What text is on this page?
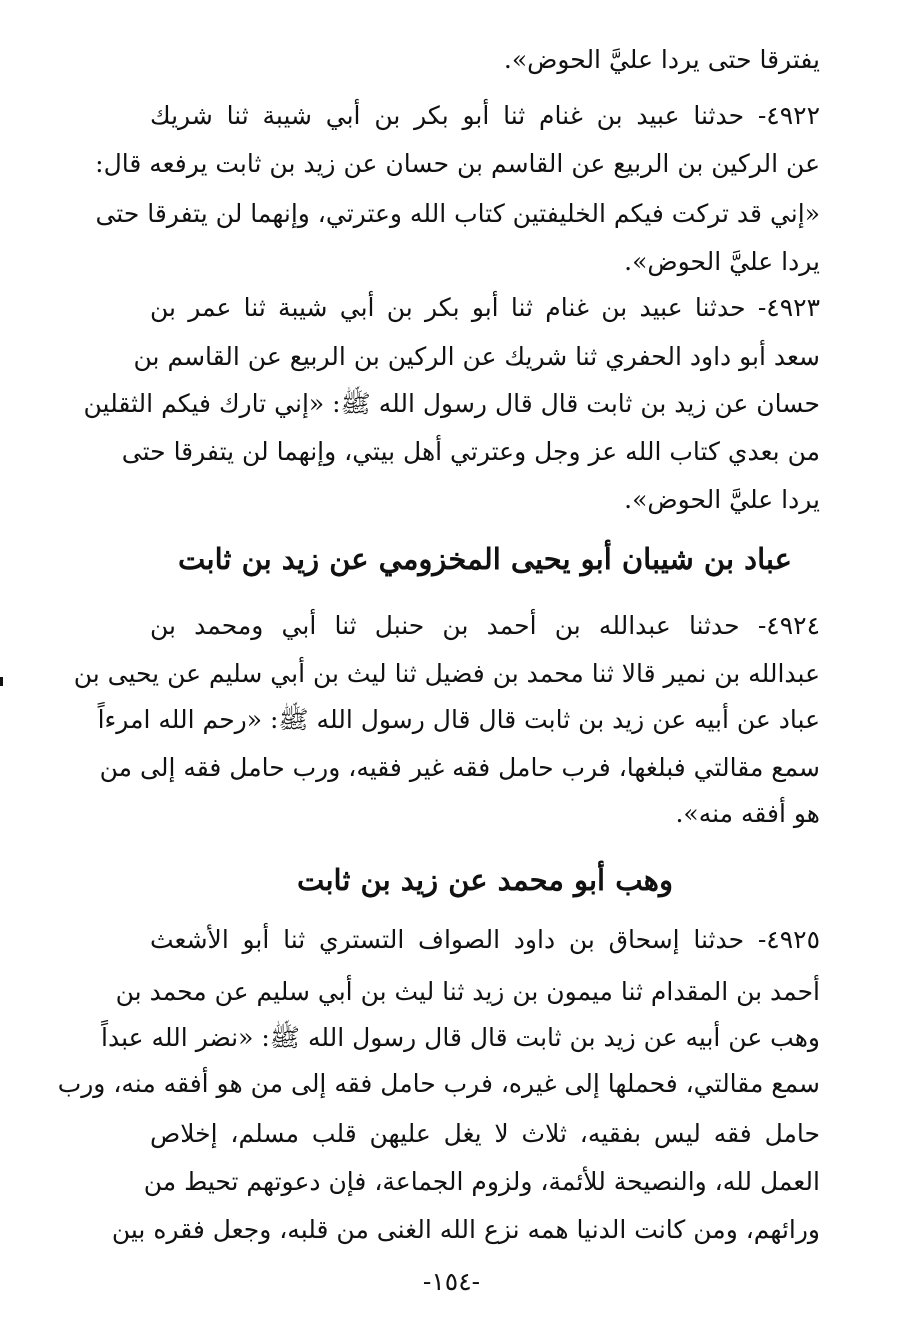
يفترقا حتى يردا عليَّ الحوض».
٤٩٢٢- حدثنا عبيد بن غنام ثنا أبو بكر بن أبي شيبة ثنا شريك
عن الركين بن الربيع عن القاسم بن حسان عن زيد بن ثابت يرفعه قال:
«إني قد تركت فيكم الخليفتين كتاب الله وعترتي، وإنهما لن يتفرقا حتى
يردا عليَّ الحوض».
٤٩٢٣- حدثنا عبيد بن غنام ثنا أبو بكر بن أبي شيبة ثنا عمر بن
سعد أبو داود الحفري ثنا شريك عن الركين بن الربيع عن القاسم بن
حسان عن زيد بن ثابت قال قال رسول الله ﷺ: «إني تارك فيكم الثقلين
من بعدي كتاب الله عز وجل وعترتي أهل بيتي، وإنهما لن يتفرقا حتى
يردا عليَّ الحوض».
عباد بن شيبان أبو يحيى المخزومي عن زيد بن ثابت
٤٩٢٤- حدثنا عبدالله بن أحمد بن حنبل ثنا أبي ومحمد بن
عبدالله بن نمير قالا ثنا محمد بن فضيل ثنا ليث بن أبي سليم عن يحيى بن
عباد عن أبيه عن زيد بن ثابت قال قال رسول الله ﷺ: «رحم الله امرءاً
سمع مقالتي فبلغها، فرب حامل فقه غير فقيه، ورب حامل فقه إلى من
هو أفقه منه».
وهب أبو محمد عن زيد بن ثابت
٤٩٢٥- حدثنا إسحاق بن داود الصواف التستري ثنا أبو الأشعث
أحمد بن المقدام ثنا ميمون بن زيد ثنا ليث بن أبي سليم عن محمد بن
وهب عن أبيه عن زيد بن ثابت قال قال رسول الله ﷺ: «نضر الله عبداً
سمع مقالتي، فحملها إلى غيره، فرب حامل فقه إلى من هو أفقه منه، ورب
حامل فقه ليس بفقيه، ثلاث لا يغل عليهن قلب مسلم، إخلاص
العمل لله، والنصيحة للأئمة، ولزوم الجماعة، فإن دعوتهم تحيط من
ورائهم، ومن كانت الدنيا همه نزع الله الغنى من قلبه، وجعل فقره بين
-١٥٤-
